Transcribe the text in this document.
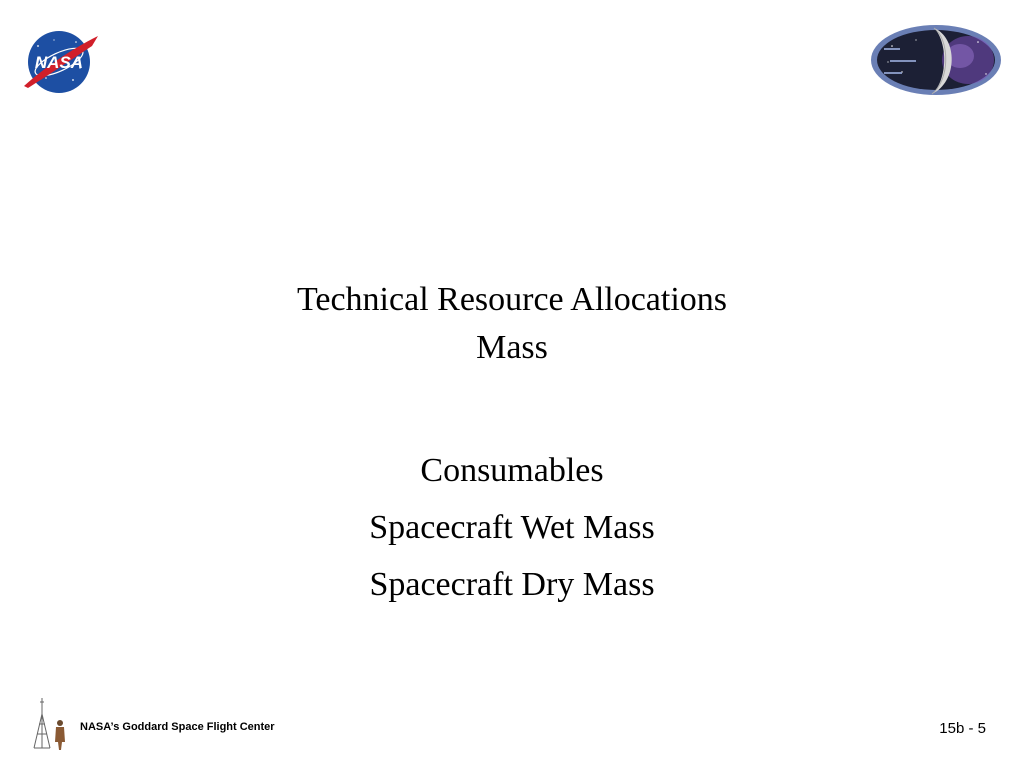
NASA
Technical Resource Allocations
Mass
Consumables
Spacecraft Wet Mass
Spacecraft Dry Mass
NASA’s Goddard Space Flight Center	15b - 5
